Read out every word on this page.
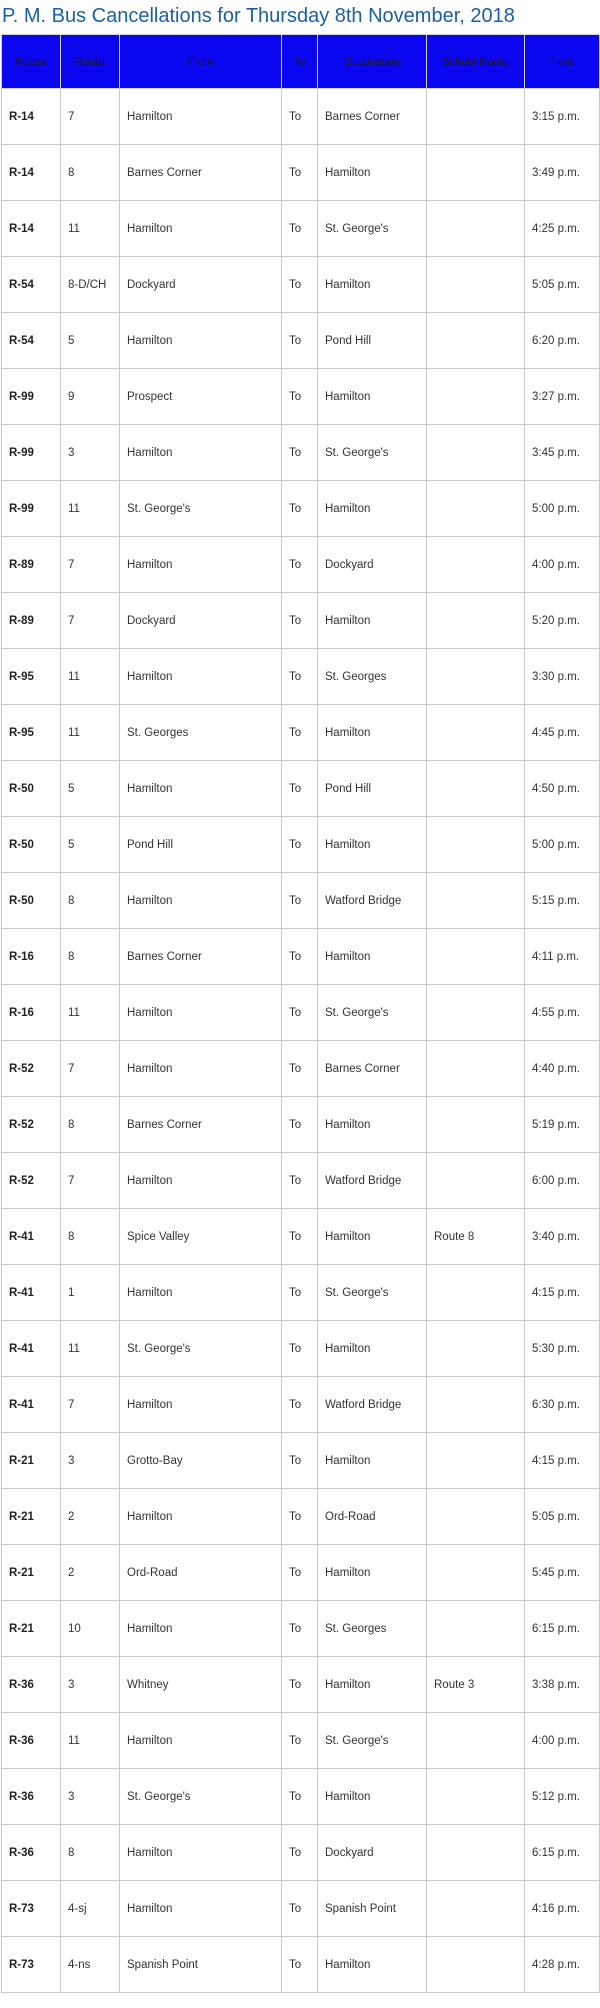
P. M. Bus Cancellations for Thursday 8th November, 2018
Roster	Route	From	To	Destination	School Route	Time
R-14	7	Hamilton	To	Barnes Corner		3:15 p.m.
R-14	8	Barnes Corner	To	Hamilton		3:49 p.m.
R-14	11	Hamilton	To	St. George's		4:25 p.m.
R-54	8-D/CH	Dockyard	To	Hamilton		5:05 p.m.
R-54	5	Hamilton	To	Pond Hill		6:20 p.m.
R-99	9	Prospect	To	Hamilton		3:27 p.m.
R-99	3	Hamilton	To	St. George's		3:45 p.m.
R-99	11	St. George's	To	Hamilton		5:00 p.m.
R-89	7	Hamilton	To	Dockyard		4:00 p.m.
R-89	7	Dockyard	To	Hamilton		5:20 p.m.
R-95	11	Hamilton	To	St. Georges		3:30 p.m.
R-95	11	St. Georges	To	Hamilton		4:45 p.m.
R-50	5	Hamilton	To	Pond Hill		4:50 p.m.
R-50	5	Pond Hill	To	Hamilton		5:00 p.m.
R-50	8	Hamilton	To	Watford Bridge		5:15 p.m.
R-16	8	Barnes Corner	To	Hamilton		4:11 p.m.
R-16	11	Hamilton	To	St. George's		4:55 p.m.
R-52	7	Hamilton	To	Barnes Corner		4:40 p.m.
R-52	8	Barnes Corner	To	Hamilton		5:19 p.m.
R-52	7	Hamilton	To	Watford Bridge		6:00 p.m.
R-41	8	Spice Valley	To	Hamilton	Route 8	3:40 p.m.
R-41	1	Hamilton	To	St. George's		4:15 p.m.
R-41	11	St. George's	To	Hamilton		5:30 p.m.
R-41	7	Hamilton	To	Watford Bridge		6:30 p.m.
R-21	3	Grotto-Bay	To	Hamilton		4:15 p.m.
R-21	2	Hamilton	To	Ord-Road		5:05 p.m.
R-21	2	Ord-Road	To	Hamilton		5:45 p.m.
R-21	10	Hamilton	To	St. Georges		6:15 p.m.
R-36	3	Whitney	To	Hamilton	Route 3	3:38 p.m.
R-36	11	Hamilton	To	St. George's		4:00 p.m.
R-36	3	St. George's	To	Hamilton		5:12 p.m.
R-36	8	Hamilton	To	Dockyard		6:15 p.m.
R-73	4-sj	Hamilton	To	Spanish Point		4:16 p.m.
R-73	4-ns	Spanish Point	To	Hamilton		4:28 p.m.
